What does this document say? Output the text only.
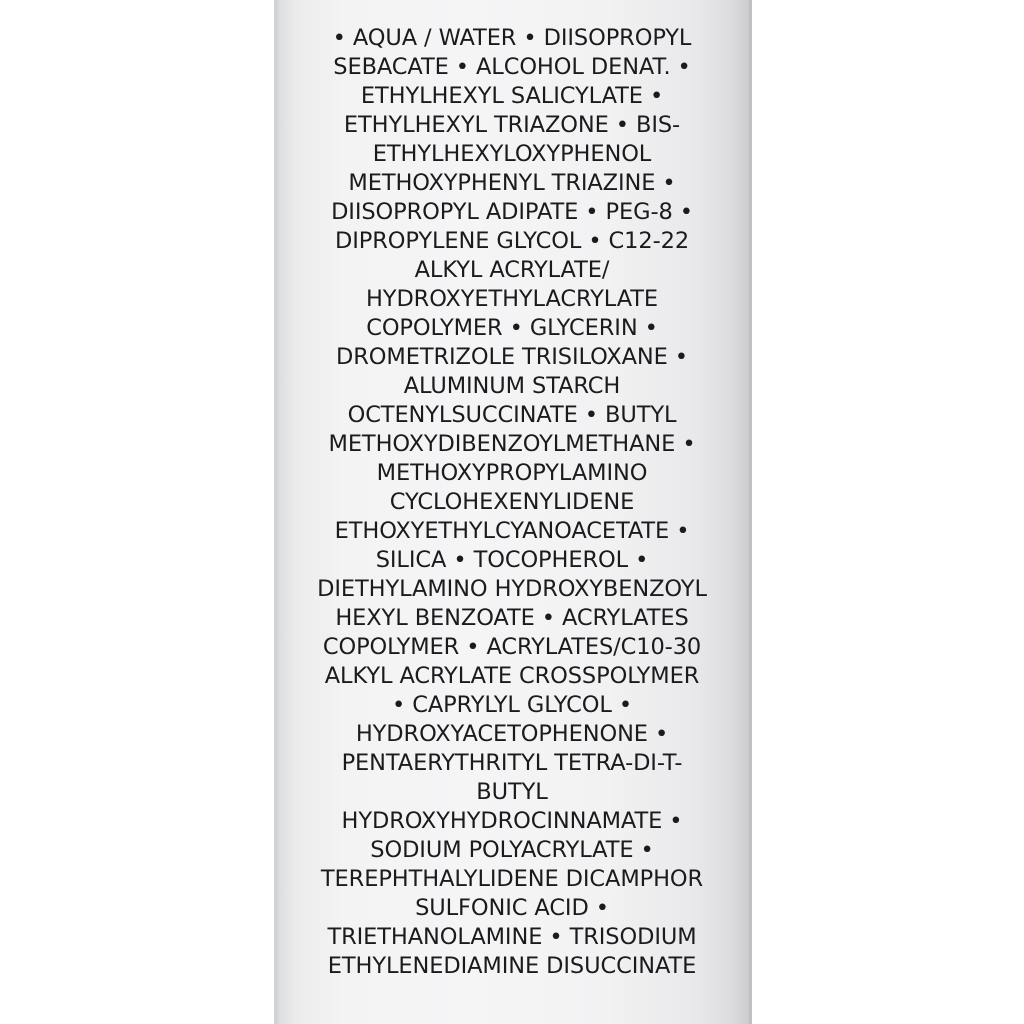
• AQUA / WATER • DIISOPROPYL
SEBACATE • ALCOHOL DENAT. •
ETHYLHEXYL SALICYLATE •
ETHYLHEXYL TRIAZONE • BIS-
ETHYLHEXYLOXYPHENOL
METHOXYPHENYL TRIAZINE •
DIISOPROPYL ADIPATE • PEG-8 •
DIPROPYLENE GLYCOL • C12-22
ALKYL ACRYLATE/
HYDROXYETHYLACRYLATE
COPOLYMER • GLYCERIN •
DROMETRIZOLE TRISILOXANE •
ALUMINUM STARCH
OCTENYLSUCCINATE • BUTYL
METHOXYDIBENZOYLMETHANE •
METHOXYPROPYLAMINO
CYCLOHEXENYLIDENE
ETHOXYETHYLCYANOACETATE •
SILICA • TOCOPHEROL •
DIETHYLAMINO HYDROXYBENZOYL
HEXYL BENZOATE • ACRYLATES
COPOLYMER • ACRYLATES/C10-30
ALKYL ACRYLATE CROSSPOLYMER
• CAPRYLYL GLYCOL •
HYDROXYACETOPHENONE •
PENTAERYTHRITYL TETRA-DI-T-
BUTYL
HYDROXYHYDROCINNAMATE •
SODIUM POLYACRYLATE •
TEREPHTHALYLIDENE DICAMPHOR
SULFONIC ACID •
TRIETHANOLAMINE • TRISODIUM
ETHYLENEDIAMINE DISUCCINATE
